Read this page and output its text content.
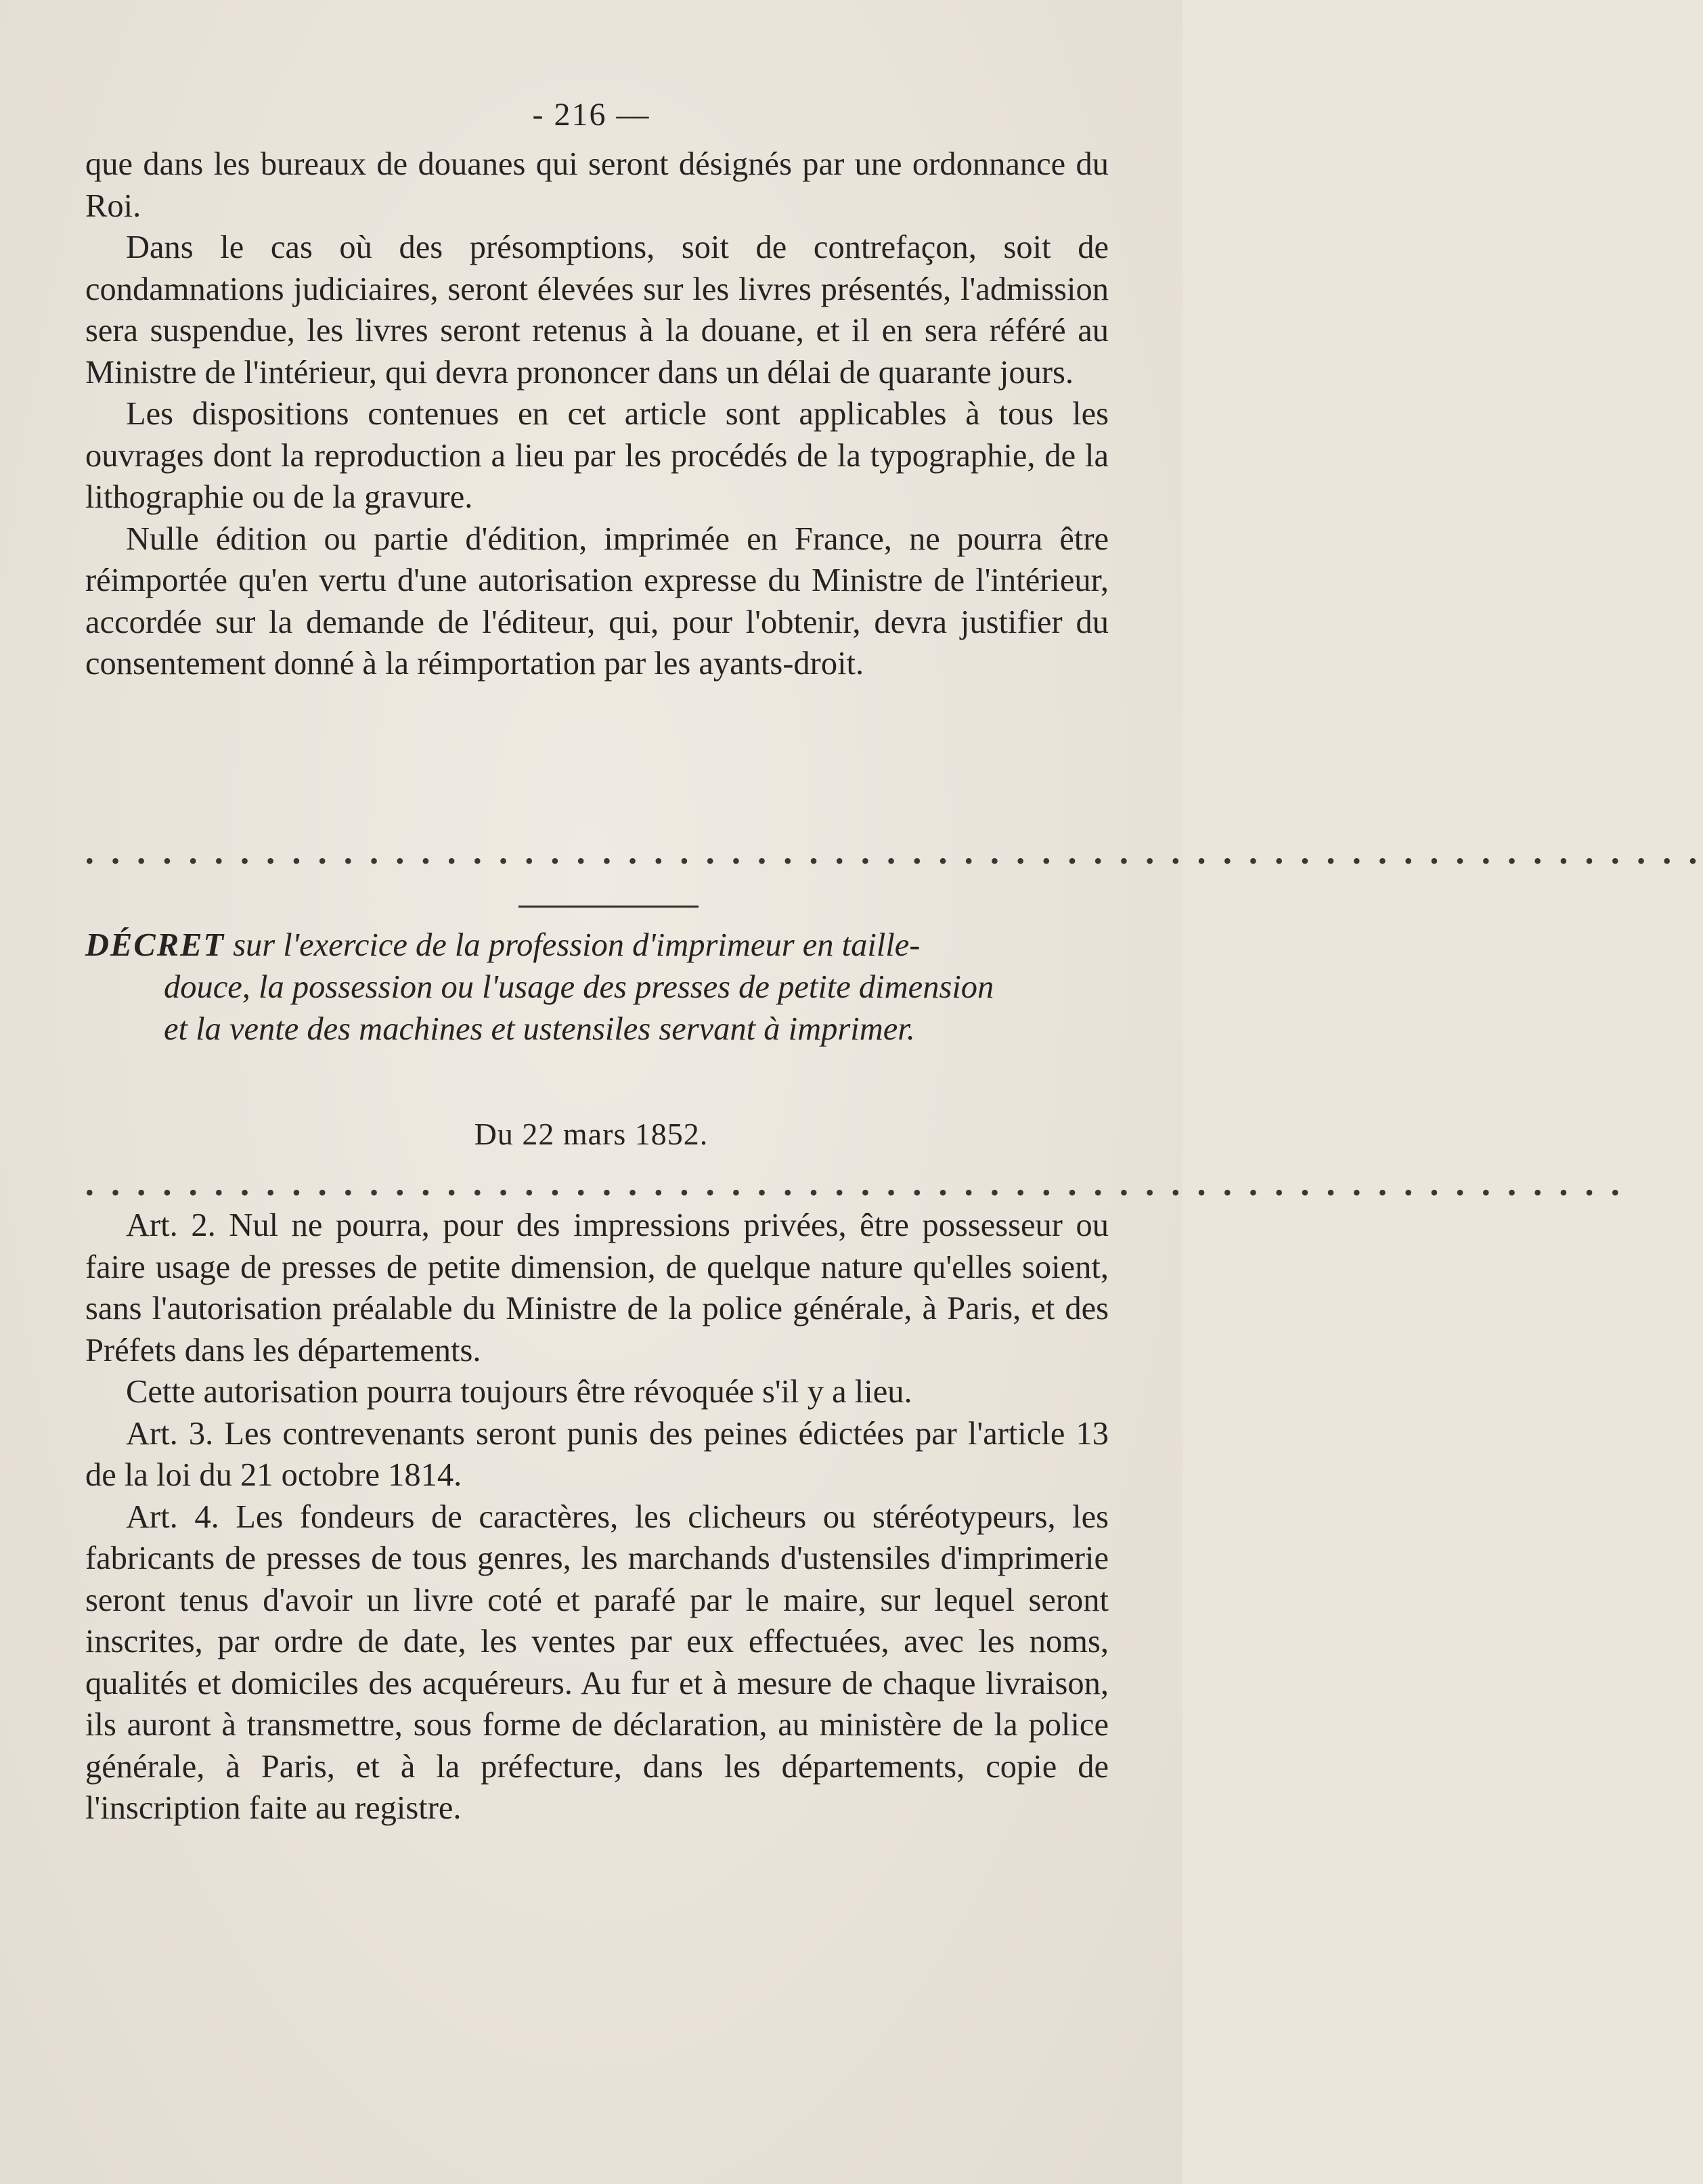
- 216 —

que dans les bureaux de douanes qui seront désignés par une ordonnance du Roi.

Dans le cas où des présomptions, soit de contrefaçon, soit de condamnations judiciaires, seront élevées sur les livres présentés, l'admission sera suspendue, les livres seront retenus à la douane, et il en sera référé au Ministre de l'intérieur, qui devra prononcer dans un délai de quarante jours.

Les dispositions contenues en cet article sont applicables à tous les ouvrages dont la reproduction a lieu par les procédés de la typographie, de la lithographie ou de la gravure.

Nulle édition ou partie d'édition, imprimée en France, ne pourra être réimportée qu'en vertu d'une autorisation expresse du Ministre de l'intérieur, accordée sur la demande de l'éditeur, qui, pour l'obtenir, devra justifier du consentement donné à la réimportation par les ayants-droit.

• • • • • • • • • • • • • • • • • • • • • • • • • • • • • • • • • • • • • • • • • • • • • • • • • • • • • • • • • • • • • • •

DÉCRET sur l'exercice de la profession d'imprimeur en taille-
douce, la possession ou l'usage des presses de petite dimension
et la vente des machines et ustensiles servant à imprimer.

Du 22 mars 1852.
• • • • • • • • • • • • • • • • • • • • • • • • • • • • • • • • • • • • • • • • • • • • • • • • • • • • • • • • • • • •

Art. 2. Nul ne pourra, pour des impressions privées, être possesseur ou faire usage de presses de petite dimension, de quelque nature qu'elles soient, sans l'autorisation préalable du Ministre de la police générale, à Paris, et des Préfets dans les départements.

Cette autorisation pourra toujours être révoquée s'il y a lieu.

Art. 3. Les contrevenants seront punis des peines édictées par l'article 13 de la loi du 21 octobre 1814.

Art. 4. Les fondeurs de caractères, les clicheurs ou stéréotypeurs, les fabricants de presses de tous genres, les marchands d'ustensiles d'imprimerie seront tenus d'avoir un livre coté et parafé par le maire, sur lequel seront inscrites, par ordre de date, les ventes par eux effectuées, avec les noms, qualités et domiciles des acquéreurs. Au fur et à mesure de chaque livraison, ils auront à transmettre, sous forme de déclaration, au ministère de la police générale, à Paris, et à la préfecture, dans les départements, copie de l'inscription faite au registre.
